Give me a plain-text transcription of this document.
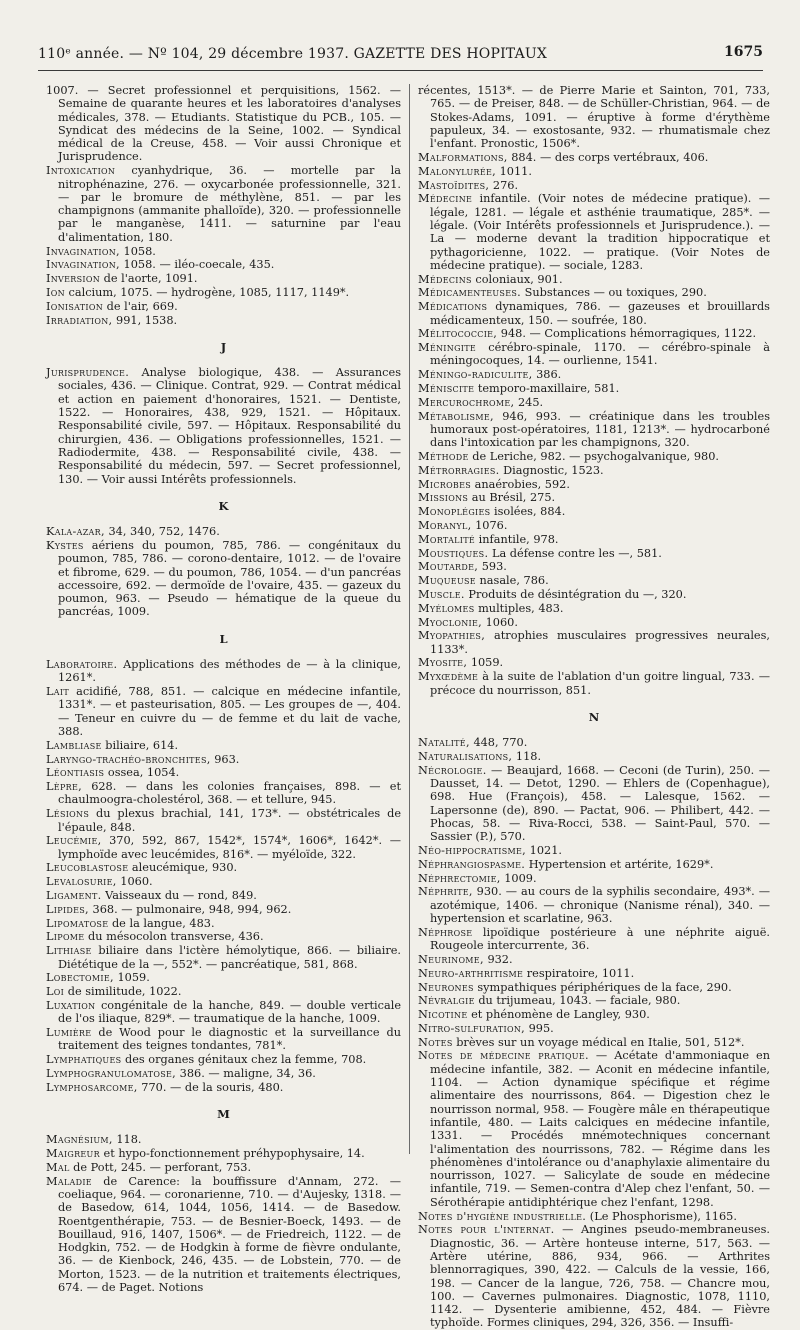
110ᵉ année. — Nº 104, 29 décembre 1937. GAZETTE DES HOPITAUX	1675
1007. — Secret professionnel et perquisitions, 1562. — Semaine de quarante heures et les laboratoires d'analyses médicales, 378. — Etudiants. Statistique du PCB., 105. — Syndicat des médecins de la Seine, 1002. — Syndical médical de la Creuse, 458. — Voir aussi Chronique et Jurisprudence.
Intoxication cyanhydrique, 36. — mortelle par la nitrophénazine, 276. — oxycarbonée professionnelle, 321. — par le bromure de méthylène, 851. — par les champignons (ammanite phalloïde), 320. — professionnelle par le manganèse, 1411. — saturnine par l'eau d'alimentation, 180.
Invagination, 1058.
Invagination, 1058. — iléo-coecale, 435.
Inversion de l'aorte, 1091.
Ion calcium, 1075. — hydrogène, 1085, 1117, 1149*.
Ionisation de l'air, 669.
Irradiation, 991, 1538.
J
Jurisprudence. Analyse biologique, 438. — Assurances sociales, 436. — Clinique. Contrat, 929. — Contrat médical et action en paiement d'honoraires, 1521. — Dentiste, 1522. — Honoraires, 438, 929, 1521. — Hôpitaux. Responsabilité civile, 597. — Hôpitaux. Responsabilité du chirurgien, 436. — Obligations professionnelles, 1521. — Radiodermite, 438. — Responsabilité civile, 438. — Responsabilité du médecin, 597. — Secret professionnel, 130. — Voir aussi Intérêts professionnels.
K
Kala-azar, 34, 340, 752, 1476.
Kystes aériens du poumon, 785, 786. — congénitaux du poumon, 785, 786. — corono-dentaire, 1012. — de l'ovaire et fibrome, 629. — du poumon, 786, 1054. — d'un pancréas accessoire, 692. — dermoïde de l'ovaire, 435. — gazeux du poumon, 963. — Pseudo — hématique de la queue du pancréas, 1009.
L
Laboratoire. Applications des méthodes de — à la clinique, 1261*.
Lait acidifié, 788, 851. — calcique en médecine infantile, 1331*. — et pasteurisation, 805. — Les groupes de —, 404. — Teneur en cuivre du — de femme et du lait de vache, 388.
Lambliase biliaire, 614.
Laryngo-trachéo-bronchites, 963.
Léontiasis ossea, 1054.
Lèpre, 628. — dans les colonies françaises, 898. — et chaulmoogra-cholestérol, 368. — et tellure, 945.
Lésions du plexus brachial, 141, 173*. — obstétricales de l'épaule, 848.
Leucémie, 370, 592, 867, 1542*, 1574*, 1606*, 1642*. — lymphoïde avec leucémides, 816*. — myéloïde, 322.
Leucoblastose aleucémique, 930.
Levalosurie, 1060.
Ligament. Vaisseaux du — rond, 849.
Lipides, 368. — pulmonaire, 948, 994, 962.
Lipomatose de la langue, 483.
Lipome du mésocolon transverse, 436.
Lithiase biliaire dans l'ictère hémolytique, 866. — biliaire. Diététique de la —, 552*. — pancréatique, 581, 868.
Lobectomie, 1059.
Loi de similitude, 1022.
Luxation congénitale de la hanche, 849. — double verticale de l'os iliaque, 829*. — traumatique de la hanche, 1009.
Lumière de Wood pour le diagnostic et la surveillance du traitement des teignes tondantes, 781*.
Lymphatiques des organes génitaux chez la femme, 708.
Lymphogranulomatose, 386. — maligne, 34, 36.
Lymphosarcome, 770. — de la souris, 480.
M
Magnésium, 118.
Maigreur et hypo-fonctionnement préhypophysaire, 14.
Mal de Pott, 245. — perforant, 753.
Maladie de Carence: la bouffissure d'Annam, 272. — coeliaque, 964. — coronarienne, 710. — d'Aujesky, 1318. — de Basedow, 614, 1044, 1056, 1414. — de Basedow. Roentgenthérapie, 753. — de Besnier-Boeck, 1493. — de Bouillaud, 916, 1407, 1506*. — de Friedreich, 1122. — de Hodgkin, 752. — de Hodgkin à forme de fièvre ondulante, 36. — de Kienbock, 246, 435. — de Lobstein, 770. — de Morton, 1523. — de la nutrition et traitements électriques, 674. — de Paget. Notions
récentes, 1513*. — de Pierre Marie et Sainton, 701, 733, 765. — de Preiser, 848. — de Schüller-Christian, 964. — de Stokes-Adams, 1091. — éruptive à forme d'érythème papuleux, 34. — exostosante, 932. — rhumatismale chez l'enfant. Pronostic, 1506*.
Malformations, 884. — des corps vertébraux, 406.
Malonylurée, 1011.
Mastoïdites, 276.
Médecine infantile. (Voir notes de médecine pratique). — légale, 1281. — légale et asthénie traumatique, 285*. — légale. (Voir Intérêts professionnels et Jurisprudence.). — La — moderne devant la tradition hippocratique et pythagoricienne, 1022. — pratique. (Voir Notes de médecine pratique). — sociale, 1283.
Médecins coloniaux, 901.
Médicamenteuses. Substances — ou toxiques, 290.
Médications dynamiques, 786. — gazeuses et brouillards médicamenteux, 150. — soufrée, 180.
Mélitococcie, 948. — Complications hémorragiques, 1122.
Méningite cérébro-spinale, 1170. — cérébro-spinale à méningocoques, 14. — ourlienne, 1541.
Méningo-radiculite, 386.
Méniscite temporo-maxillaire, 581.
Mercurochrome, 245.
Métabolisme, 946, 993. — créatinique dans les troubles humoraux post-opératoires, 1181, 1213*. — hydrocarboné dans l'intoxication par les champignons, 320.
Méthode de Leriche, 982. — psychogalvanique, 980.
Métrorragies. Diagnostic, 1523.
Microbes anaérobies, 592.
Missions au Brésil, 275.
Monoplégies isolées, 884.
Moranyl, 1076.
Mortalité infantile, 978.
Moustiques. La défense contre les —, 581.
Moutarde, 593.
Muqueuse nasale, 786.
Muscle. Produits de désintégration du —, 320.
Myélomes multiples, 483.
Myoclonie, 1060.
Myopathies, atrophies musculaires progressives neurales, 1133*.
Myosite, 1059.
Myxœdème à la suite de l'ablation d'un goitre lingual, 733. — précoce du nourrisson, 851.
N
Natalité, 448, 770.
Naturalisations, 118.
Nécrologie. — Beaujard, 1668. — Ceconi (de Turin), 250. — Dausset, 14. — Detot, 1290. — Ehlers de (Copenhague), 698. Hue (François), 458. — Lalesque, 1562. — Lapersonne (de), 890. — Pactat, 906. — Philibert, 442. — Phocas, 58. — Riva-Rocci, 538. — Saint-Paul, 570. — Sassier (P.), 570.
Néo-hippocratisme, 1021.
Néphrangiospasme. Hypertension et artérite, 1629*.
Néphrectomie, 1009.
Néphrite, 930. — au cours de la syphilis secondaire, 493*. — azotémique, 1406. — chronique (Nanisme rénal), 340. — hypertension et scarlatine, 963.
Néphrose lipoïdique postérieure à une néphrite aiguë. Rougeole intercurrente, 36.
Neurinome, 932.
Neuro-arthritisme respiratoire, 1011.
Neurones sympathiques périphériques de la face, 290.
Névralgie du trijumeau, 1043. — faciale, 980.
Nicotine et phénomène de Langley, 930.
Nitro-sulfuration, 995.
Notes brèves sur un voyage médical en Italie, 501, 512*.
Notes de médecine pratique. — Acétate d'ammoniaque en médecine infantile, 382. — Aconit en médecine infantile, 1104. — Action dynamique spécifique et régime alimentaire des nourrissons, 864. — Digestion chez le nourrisson normal, 958. — Fougère mâle en thérapeutique infantile, 480. — Laits calciques en médecine infantile, 1331. — Procédés mnémotechniques concernant l'alimentation des nourrissons, 782. — Régime dans les phénomènes d'intolérance ou d'anaphylaxie alimentaire du nourrisson, 1027. — Salicylate de soude en médecine infantile, 719. — Semen-contra d'Alep chez l'enfant, 50. — Sérothérapie antidiphtérique chez l'enfant, 1298.
Notes d'hygiène industrielle. (Le Phosphorisme), 1165.
Notes pour l'internat. — Angines pseudo-membraneuses. Diagnostic, 36. — Artère honteuse interne, 517, 563. — Artère utérine, 886, 934, 966. — Arthrites blennorragiques, 390, 422. — Calculs de la vessie, 166, 198. — Cancer de la langue, 726, 758. — Chancre mou, 100. — Cavernes pulmonaires. Diagnostic, 1078, 1110, 1142. — Dysenterie amibienne, 452, 484. — Fièvre typhoïde. Formes cliniques, 294, 326, 356. — Insuffi-
